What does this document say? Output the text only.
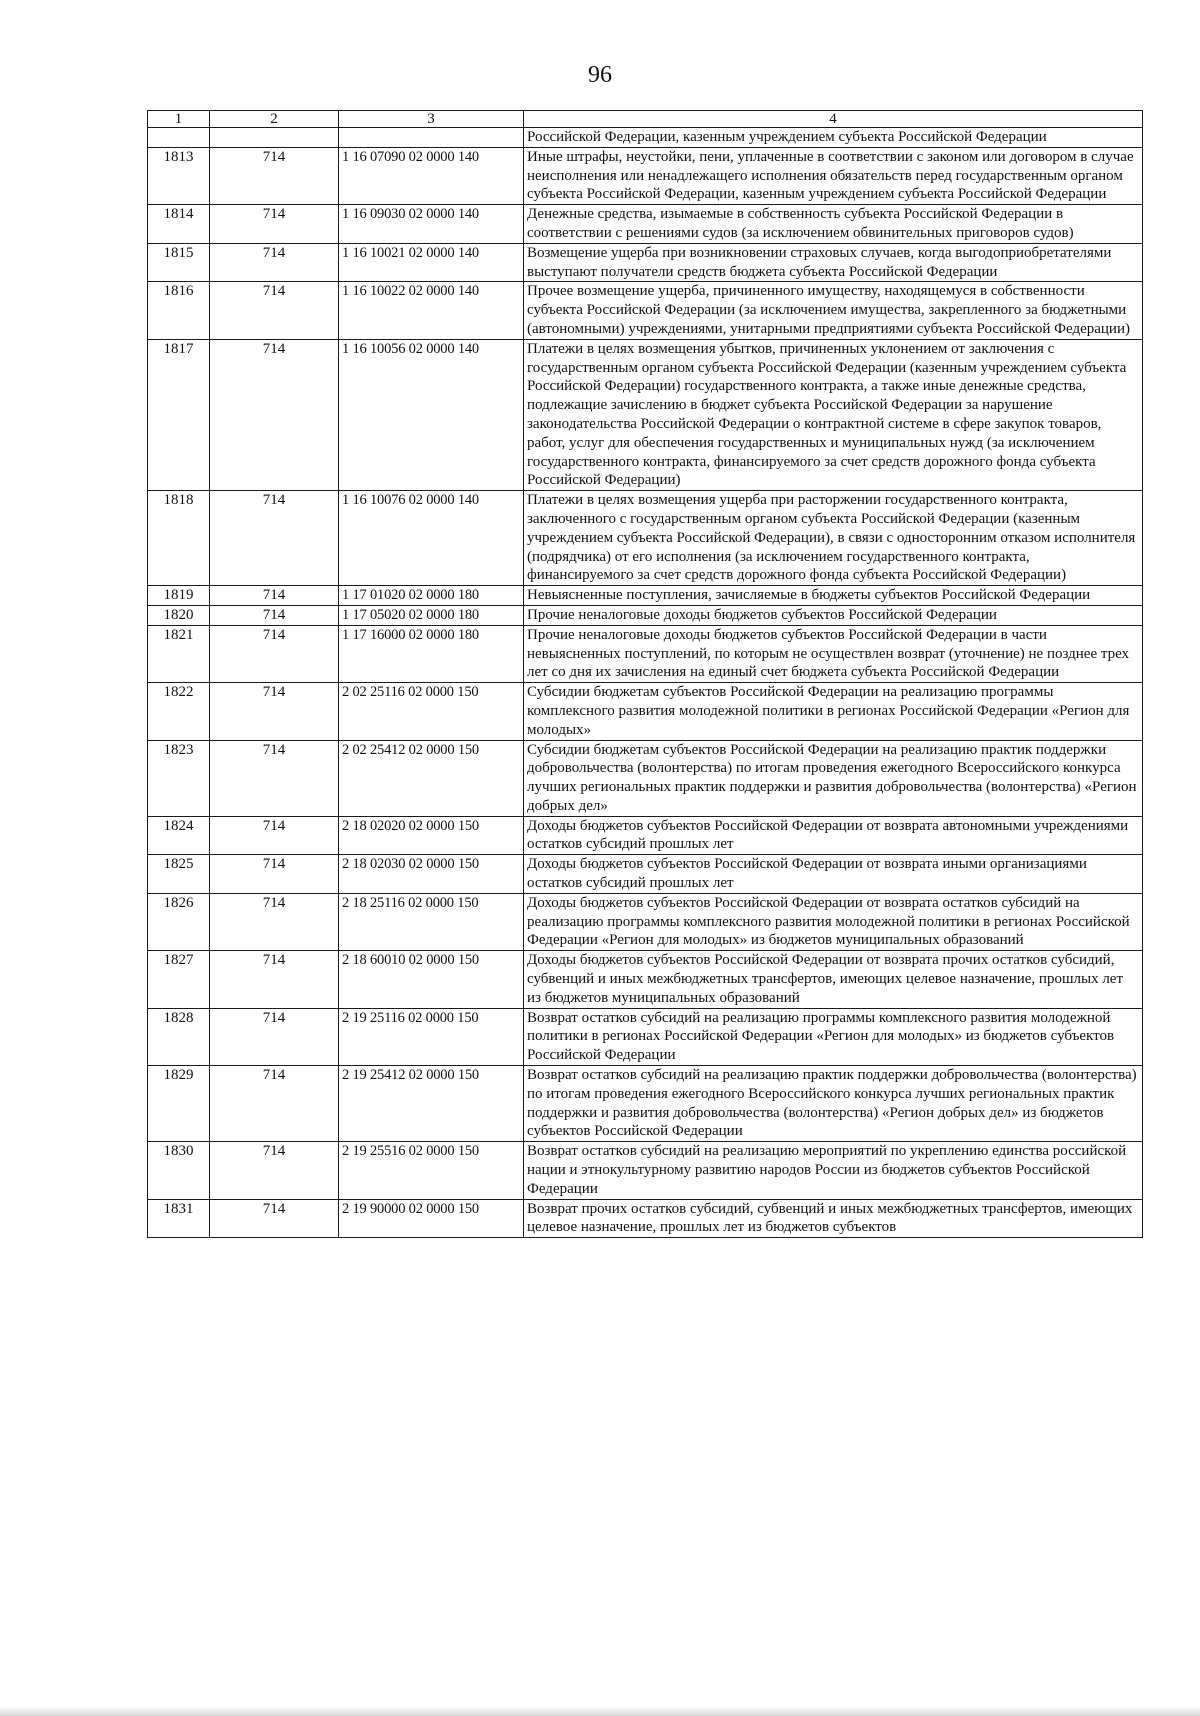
96
1	2	3	4
			Российской Федерации, казенным учреждением субъекта Российской Федерации
1813	714	1 16 07090 02 0000 140	Иные штрафы, неустойки, пени, уплаченные в соответствии с законом или договором в случае неисполнения или ненадлежащего исполнения обязательств перед государственным органом субъекта Российской Федерации, казенным учреждением субъекта Российской Федерации
1814	714	1 16 09030 02 0000 140	Денежные средства, изымаемые в собственность субъекта Российской Федерации в соответствии с решениями судов (за исключением обвинительных приговоров судов)
1815	714	1 16 10021 02 0000 140	Возмещение ущерба при возникновении страховых случаев, когда выгодоприобретателями выступают получатели средств бюджета субъекта Российской Федерации
1816	714	1 16 10022 02 0000 140	Прочее возмещение ущерба, причиненного имуществу, находящемуся в собственности субъекта Российской Федерации (за исключением имущества, закрепленного за бюджетными (автономными) учреждениями, унитарными предприятиями субъекта Российской Федерации)
1817	714	1 16 10056 02 0000 140	Платежи в целях возмещения убытков, причиненных уклонением от заключения с государственным органом субъекта Российской Федерации (казенным учреждением субъекта Российской Федерации) государственного контракта, а также иные денежные средства, подлежащие зачислению в бюджет субъекта Российской Федерации за нарушение законодательства Российской Федерации о контрактной системе в сфере закупок товаров, работ, услуг для обеспечения государственных и муниципальных нужд (за исключением государственного контракта, финансируемого за счет средств дорожного фонда субъекта Российской Федерации)
1818	714	1 16 10076 02 0000 140	Платежи в целях возмещения ущерба при расторжении государственного контракта, заключенного с государственным органом субъекта Российской Федерации (казенным учреждением субъекта Российской Федерации), в связи с односторонним отказом исполнителя (подрядчика) от его исполнения (за исключением государственного контракта, финансируемого за счет средств дорожного фонда субъекта Российской Федерации)
1819	714	1 17 01020 02 0000 180	Невыясненные поступления, зачисляемые в бюджеты субъектов Российской Федерации
1820	714	1 17 05020 02 0000 180	Прочие неналоговые доходы бюджетов субъектов Российской Федерации
1821	714	1 17 16000 02 0000 180	Прочие неналоговые доходы бюджетов субъектов Российской Федерации в части невыясненных поступлений, по которым не осуществлен возврат (уточнение) не позднее трех лет со дня их зачисления на единый счет бюджета субъекта Российской Федерации
1822	714	2 02 25116 02 0000 150	Субсидии бюджетам субъектов Российской Федерации на реализацию программы комплексного развития молодежной политики в регионах Российской Федерации «Регион для молодых»
1823	714	2 02 25412 02 0000 150	Субсидии бюджетам субъектов Российской Федерации на реализацию практик поддержки добровольчества (волонтерства) по итогам проведения ежегодного Всероссийского конкурса лучших региональных практик поддержки и развития добровольчества (волонтерства) «Регион добрых дел»
1824	714	2 18 02020 02 0000 150	Доходы бюджетов субъектов Российской Федерации от возврата автономными учреждениями остатков субсидий прошлых лет
1825	714	2 18 02030 02 0000 150	Доходы бюджетов субъектов Российской Федерации от возврата иными организациями остатков субсидий прошлых лет
1826	714	2 18 25116 02 0000 150	Доходы бюджетов субъектов Российской Федерации от возврата остатков субсидий на реализацию программы комплексного развития молодежной политики в регионах Российской Федерации «Регион для молодых» из бюджетов муниципальных образований
1827	714	2 18 60010 02 0000 150	Доходы бюджетов субъектов Российской Федерации от возврата прочих остатков субсидий, субвенций и иных межбюджетных трансфертов, имеющих целевое назначение, прошлых лет из бюджетов муниципальных образований
1828	714	2 19 25116 02 0000 150	Возврат остатков субсидий на реализацию программы комплексного развития молодежной политики в регионах Российской Федерации «Регион для молодых» из бюджетов субъектов Российской Федерации
1829	714	2 19 25412 02 0000 150	Возврат остатков субсидий на реализацию практик поддержки добровольчества (волонтерства) по итогам проведения ежегодного Всероссийского конкурса лучших региональных практик поддержки и развития добровольчества (волонтерства) «Регион добрых дел» из бюджетов субъектов Российской Федерации
1830	714	2 19 25516 02 0000 150	Возврат остатков субсидий на реализацию мероприятий по укреплению единства российской нации и этнокультурному развитию народов России из бюджетов субъектов Российской Федерации
1831	714	2 19 90000 02 0000 150	Возврат прочих остатков субсидий, субвенций и иных межбюджетных трансфертов, имеющих целевое назначение, прошлых лет из бюджетов субъектов
